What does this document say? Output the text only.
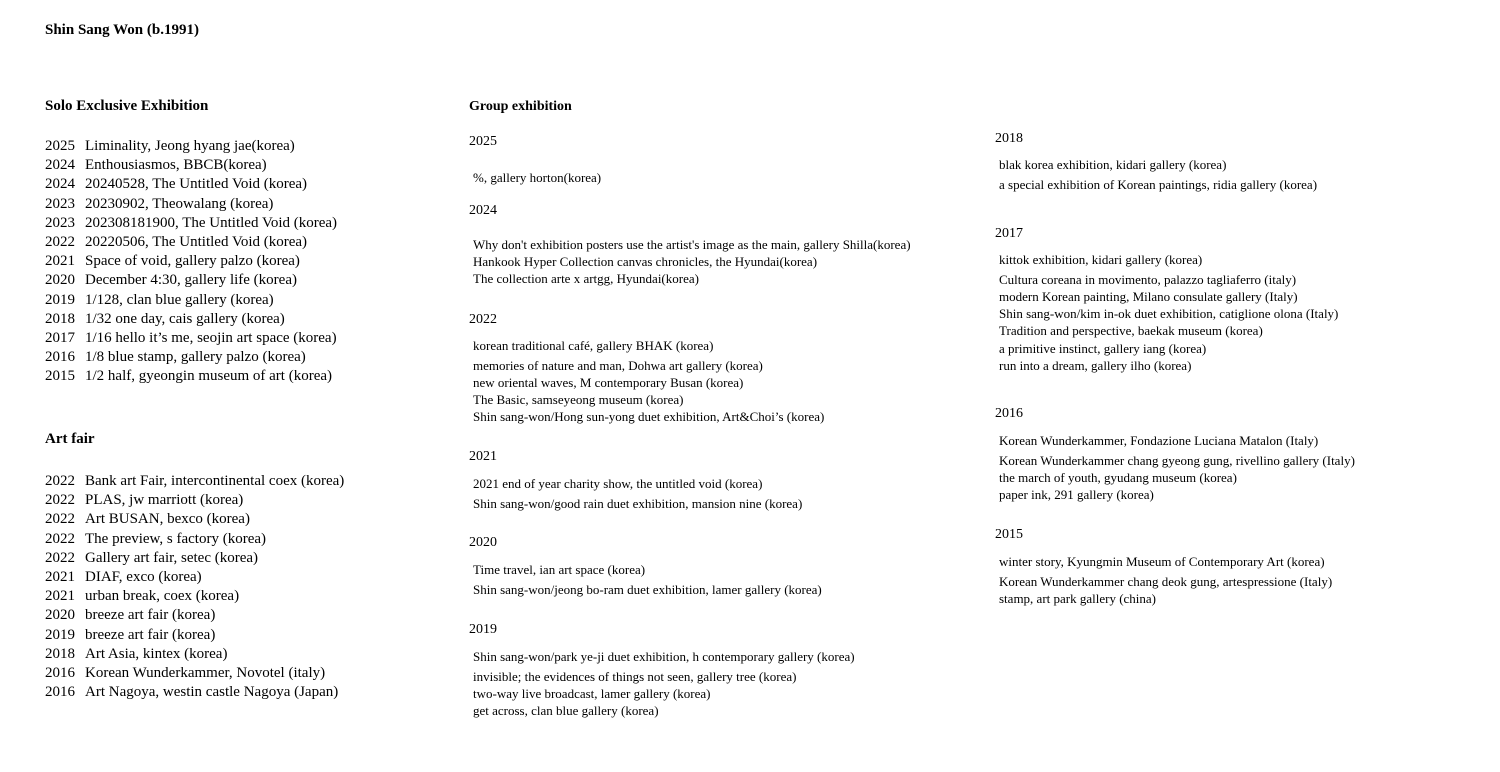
Shin Sang Won (b.1991)
Solo Exclusive Exhibition
2025 Liminality, Jeong hyang jae(korea)
2024 Enthousiasmos, BBCB(korea)
2024 20240528, The Untitled Void (korea)
2023 20230902, Theowalang (korea)
2023 202308181900, The Untitled Void (korea)
2022 20220506, The Untitled Void (korea)
2021 Space of void, gallery palzo (korea)
2020 December 4:30, gallery life (korea)
2019 1/128, clan blue gallery (korea)
2018 1/32 one day, cais gallery (korea)
2017 1/16 hello it’s me, seojin art space (korea)
2016 1/8 blue stamp, gallery palzo (korea)
2015 1/2 half, gyeongin museum of art (korea)
Art fair
2022 Bank art Fair, intercontinental coex (korea)
2022 PLAS, jw marriott (korea)
2022 Art BUSAN, bexco (korea)
2022 The preview, s factory (korea)
2022 Gallery art fair, setec (korea)
2021 DIAF, exco (korea)
2021 urban break, coex (korea)
2020 breeze art fair (korea)
2019 breeze art fair (korea)
2018 Art Asia, kintex (korea)
2016 Korean Wunderkammer, Novotel (italy)
2016 Art Nagoya, westin castle Nagoya (Japan)
Group exhibition
2025
%, gallery horton(korea)
2024
Why don't exhibition posters use the artist's image as the main, gallery Shilla(korea)
Hankook Hyper Collection canvas chronicles, the Hyundai(korea)
The collection arte x artgg, Hyundai(korea)
2022
korean traditional café, gallery BHAK (korea)
memories of nature and man, Dohwa art gallery (korea)
new oriental waves, M contemporary Busan (korea)
The Basic, samseyeong museum (korea)
Shin sang-won/Hong sun-yong duet exhibition, Art&Choi’s (korea)
2021
2021 end of year charity show, the untitled void (korea)
Shin sang-won/good rain duet exhibition, mansion nine (korea)
2020
Time travel, ian art space (korea)
Shin sang-won/jeong bo-ram duet exhibition, lamer gallery (korea)
2019
Shin sang-won/park ye-ji duet exhibition, h contemporary gallery (korea)
invisible; the evidences of things not seen, gallery tree (korea)
two-way live broadcast, lamer gallery (korea)
get across, clan blue gallery (korea)
2018
blak korea exhibition, kidari gallery (korea)
a special exhibition of Korean paintings, ridia gallery (korea)
2017
kittok exhibition, kidari gallery (korea)
Cultura coreana in movimento, palazzo tagliaferro (italy)
modern Korean painting, Milano consulate gallery (Italy)
Shin sang-won/kim in-ok duet exhibition, catiglione olona (Italy)
Tradition and perspective, baekak museum (korea)
a primitive instinct, gallery iang (korea)
run into a dream, gallery ilho (korea)
2016
Korean Wunderkammer, Fondazione Luciana Matalon (Italy)
Korean Wunderkammer chang gyeong gung, rivellino gallery (Italy)
the march of youth, gyudang museum (korea)
paper ink, 291 gallery (korea)
2015
winter story, Kyungmin Museum of Contemporary Art (korea)
Korean Wunderkammer chang deok gung, artespressione (Italy)
stamp, art park gallery (china)
